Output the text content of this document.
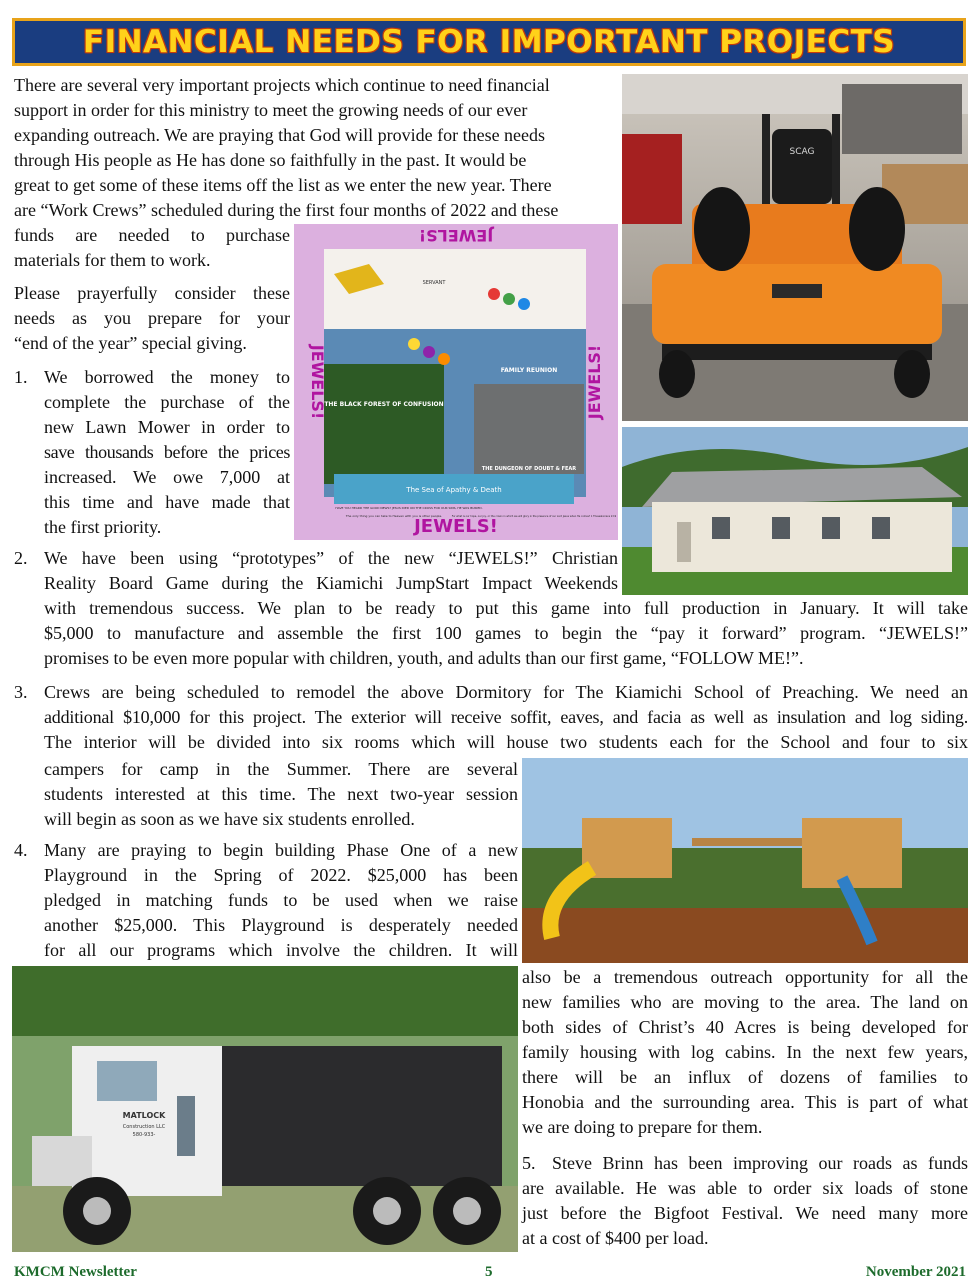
FINANCIAL NEEDS FOR IMPORTANT PROJECTS
There are several very important projects which continue to need financial
support in order for this ministry to meet the growing needs of our ever
expanding outreach. We are praying that God will provide for these needs
through His people as He has done so faithfully in the past. It would be
great to get some of these items off the list as we enter the new year. There
are “Work Crews” scheduled during the first four months of 2022 and these
funds are needed to purchase
materials for them to work.
Please prayerfully consider these
needs as you prepare for your
“end of the year” special giving.
1. We borrowed the money to
complete the purchase of the
new Lawn Mower in order to
save thousands before the prices
increased. We owe 7,000 at
this time and have made that
the first priority.
2. We have been using “prototypes” of the new “JEWELS!” Christian
Reality Board Game during the Kiamichi JumpStart Impact Weekends
with tremendous success. We plan to be ready to put this game into full production in January. It will take
$5,000 to manufacture and assemble the first 100 games to begin the “pay it forward” program. “JEWELS!”
promises to be even more popular with children, youth, and adults than our first game, “FOLLOW ME!”.
3. Crews are being scheduled to remodel the above Dormitory for The Kiamichi School of Preaching. We need an
additional $10,000 for this project. The exterior will receive soffit, eaves, and facia as well as insulation and log siding.
The interior will be divided into six rooms which will house two students each for the School and four to six
campers for camp in the Summer. There are several
students interested at this time. The next two-year session
will begin as soon as we have six students enrolled.
4. Many are praying to begin building Phase One of a new
Playground in the Spring of 2022. $25,000 has been
pledged in matching funds to be used when we raise
another $25,000. This Playground is desperately needed
for all our programs which involve the children. It will
also be a tremendous outreach opportunity for all the
new families who are moving to the area. The land on
both sides of Christ’s 40 Acres is being developed for
family housing with log cabins. In the next few years,
there will be an influx of dozens of families to
Honobia and the surrounding area. This is part of what
we are doing to prepare for them.
5. Steve Brinn has been improving our roads as funds
are available. He was able to order six loads of stone
just before the Bigfoot Festival. We need many more
at a cost of $400 per load.
SCAG
JEWELS!
JEWELS!
JEWELS!	JEWELS!
THE BLACK FOREST OF CONFUSION
The Sea of Apathy & Death
FAMILY REUNION
THE DUNGEON OF DOUBT & FEAR
HAVE YOU HEARD THE GOOD NEWS? JESUS DIED ON THE CROSS FOR OUR SINS, HE WAS BURIED.
The only thing you can take to Heaven with you is other people.	For what is our hope, our joy, or the crown in which we will glory in the presence of our Lord Jesus when He comes? 1 Thessalonians 2:19
SERVANT
MATLOCK
Construction LLC
580-933-
KMCM Newsletter	5	November 2021
